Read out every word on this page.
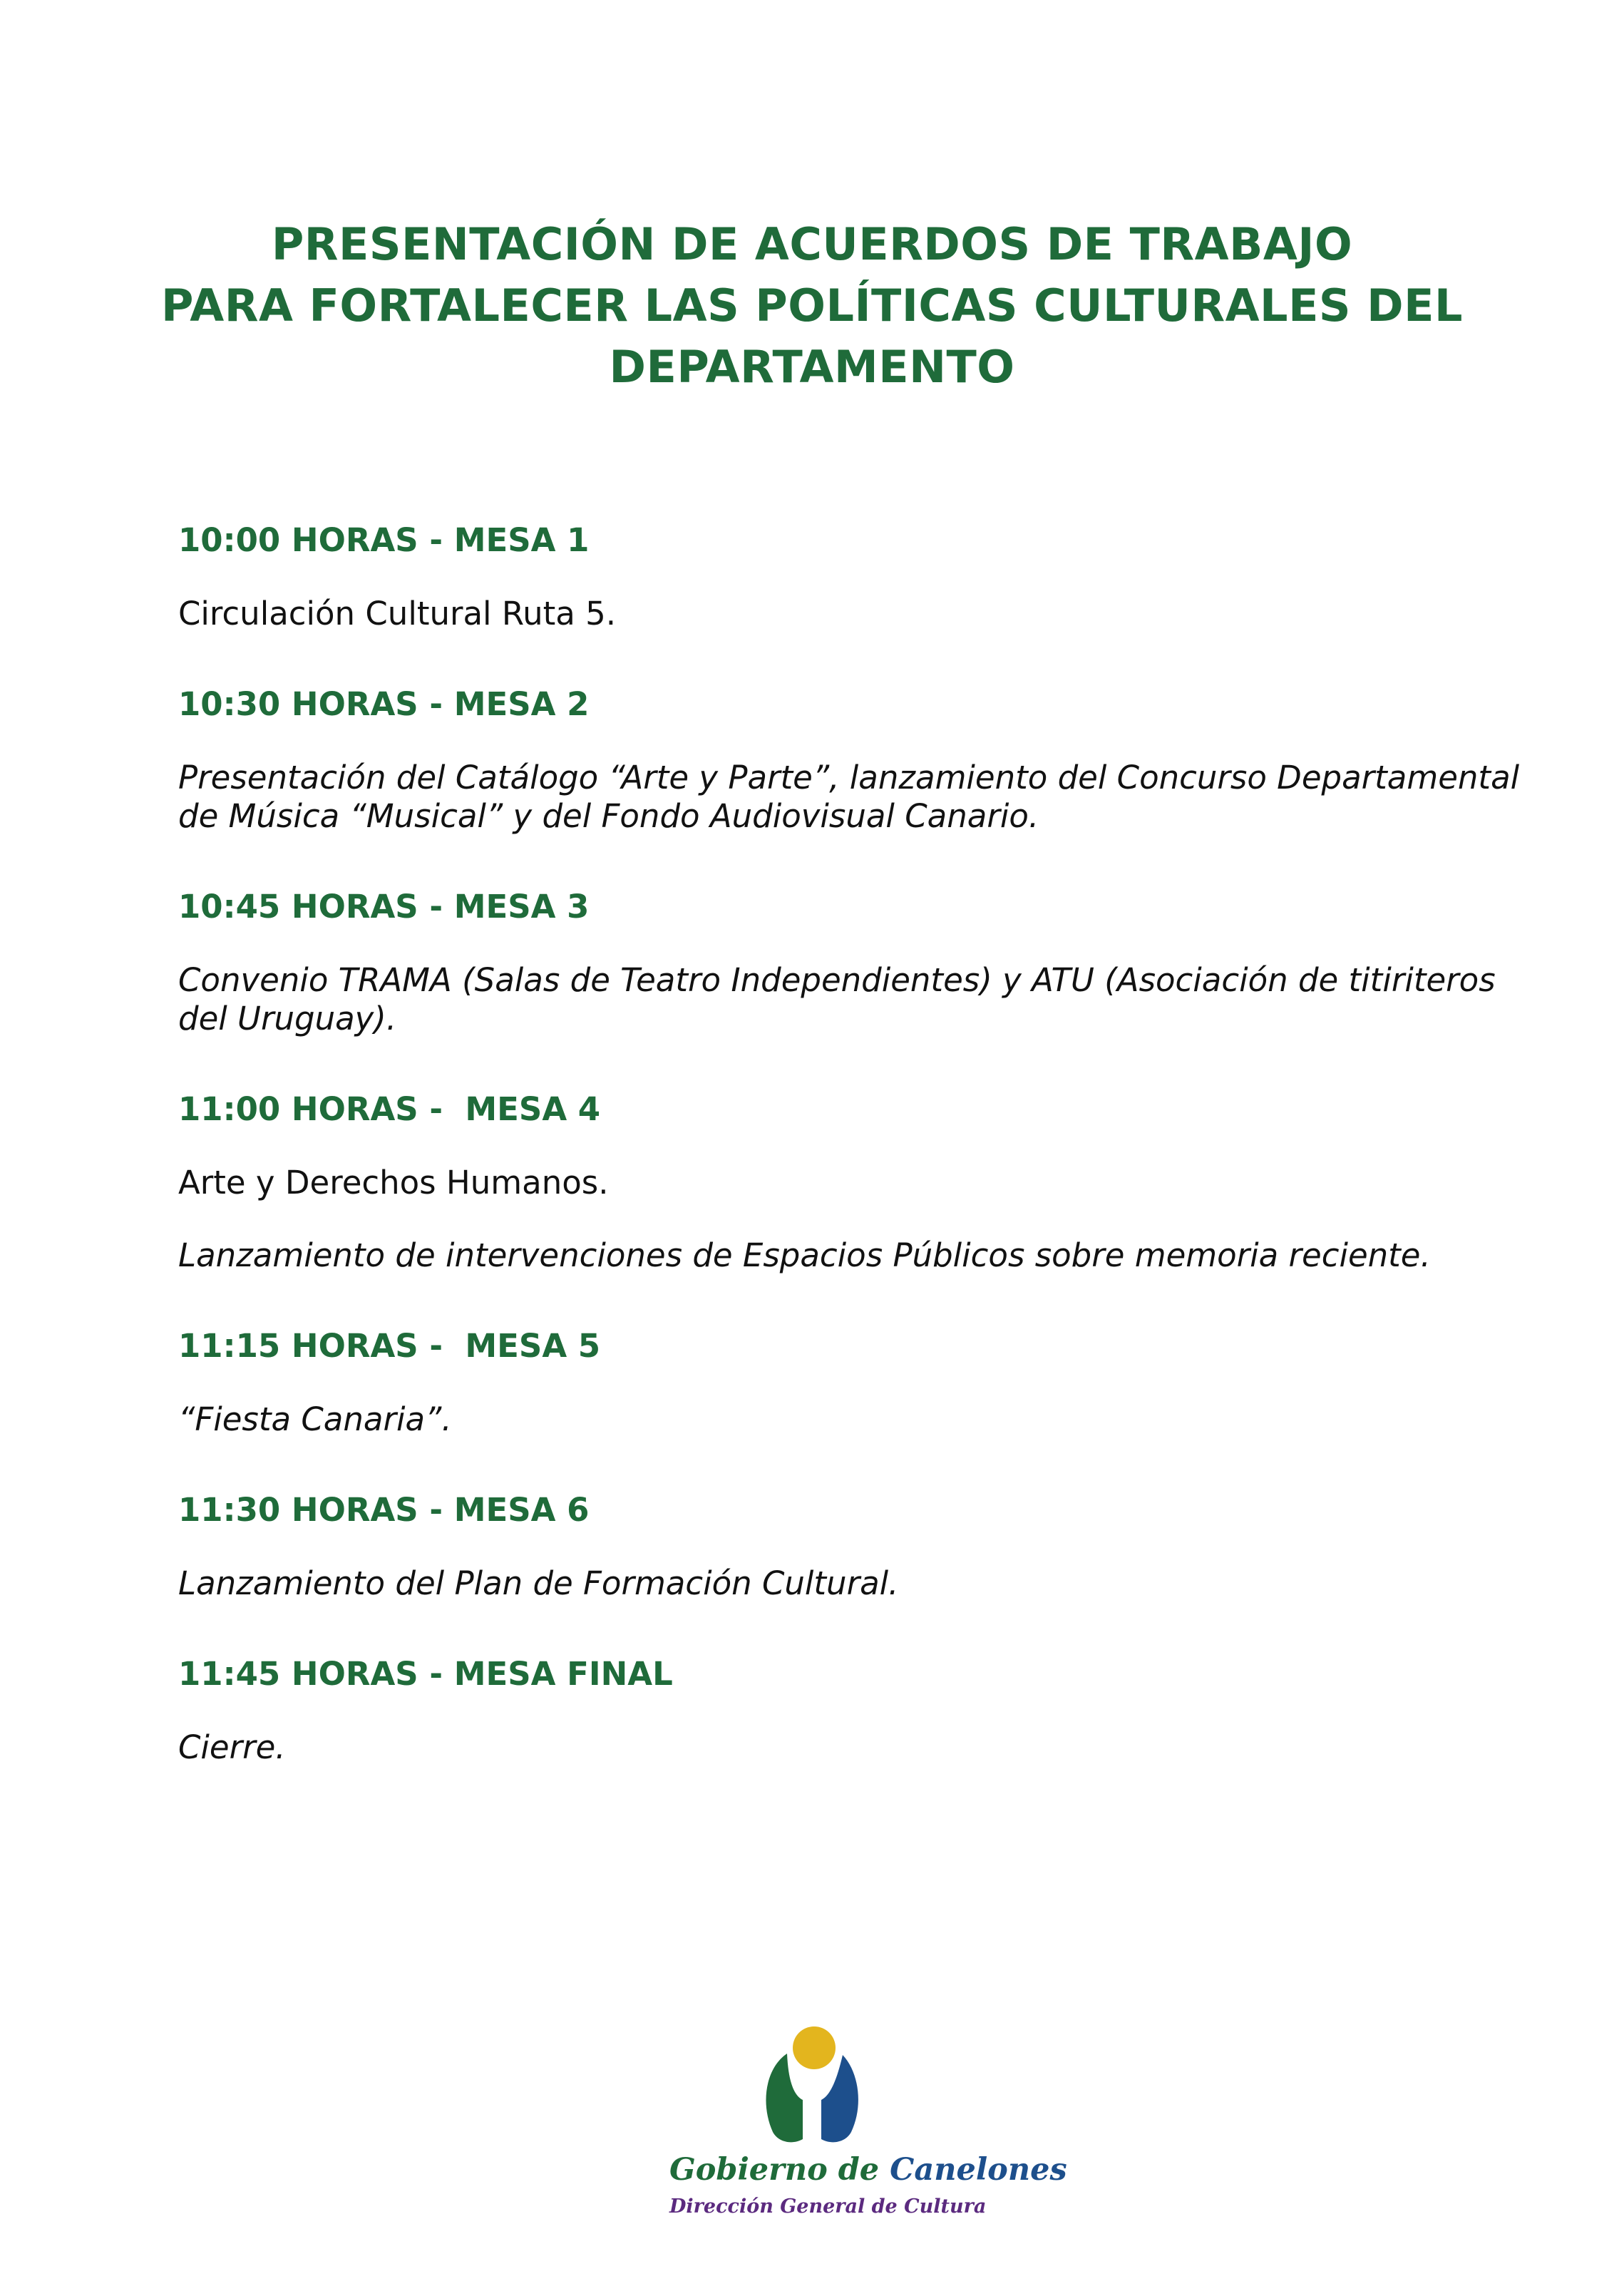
PRESENTACIÓN DE ACUERDOS DE TRABAJO
PARA FORTALECER LAS POLÍTICAS CULTURALES DEL
DEPARTAMENTO

10:00 HORAS - MESA 1

Circulación Cultural Ruta 5.

10:30 HORAS - MESA 2

Presentación del Catálogo “Arte y Parte”, lanzamiento del Concurso Departamental de Música “Musical” y del Fondo Audiovisual Canario.

10:45 HORAS - MESA 3

Convenio TRAMA (Salas de Teatro Independientes) y ATU (Asociación de titiriteros del Uruguay).

11:00 HORAS -  MESA 4

Arte y Derechos Humanos.

Lanzamiento de intervenciones de Espacios Públicos sobre memoria reciente.

11:15 HORAS -  MESA 5

“Fiesta Canaria”.

11:30 HORAS - MESA 6

Lanzamiento del Plan de Formación Cultural.

11:45 HORAS - MESA FINAL

Cierre.

Gobierno de Canelones
Dirección General de Cultura
